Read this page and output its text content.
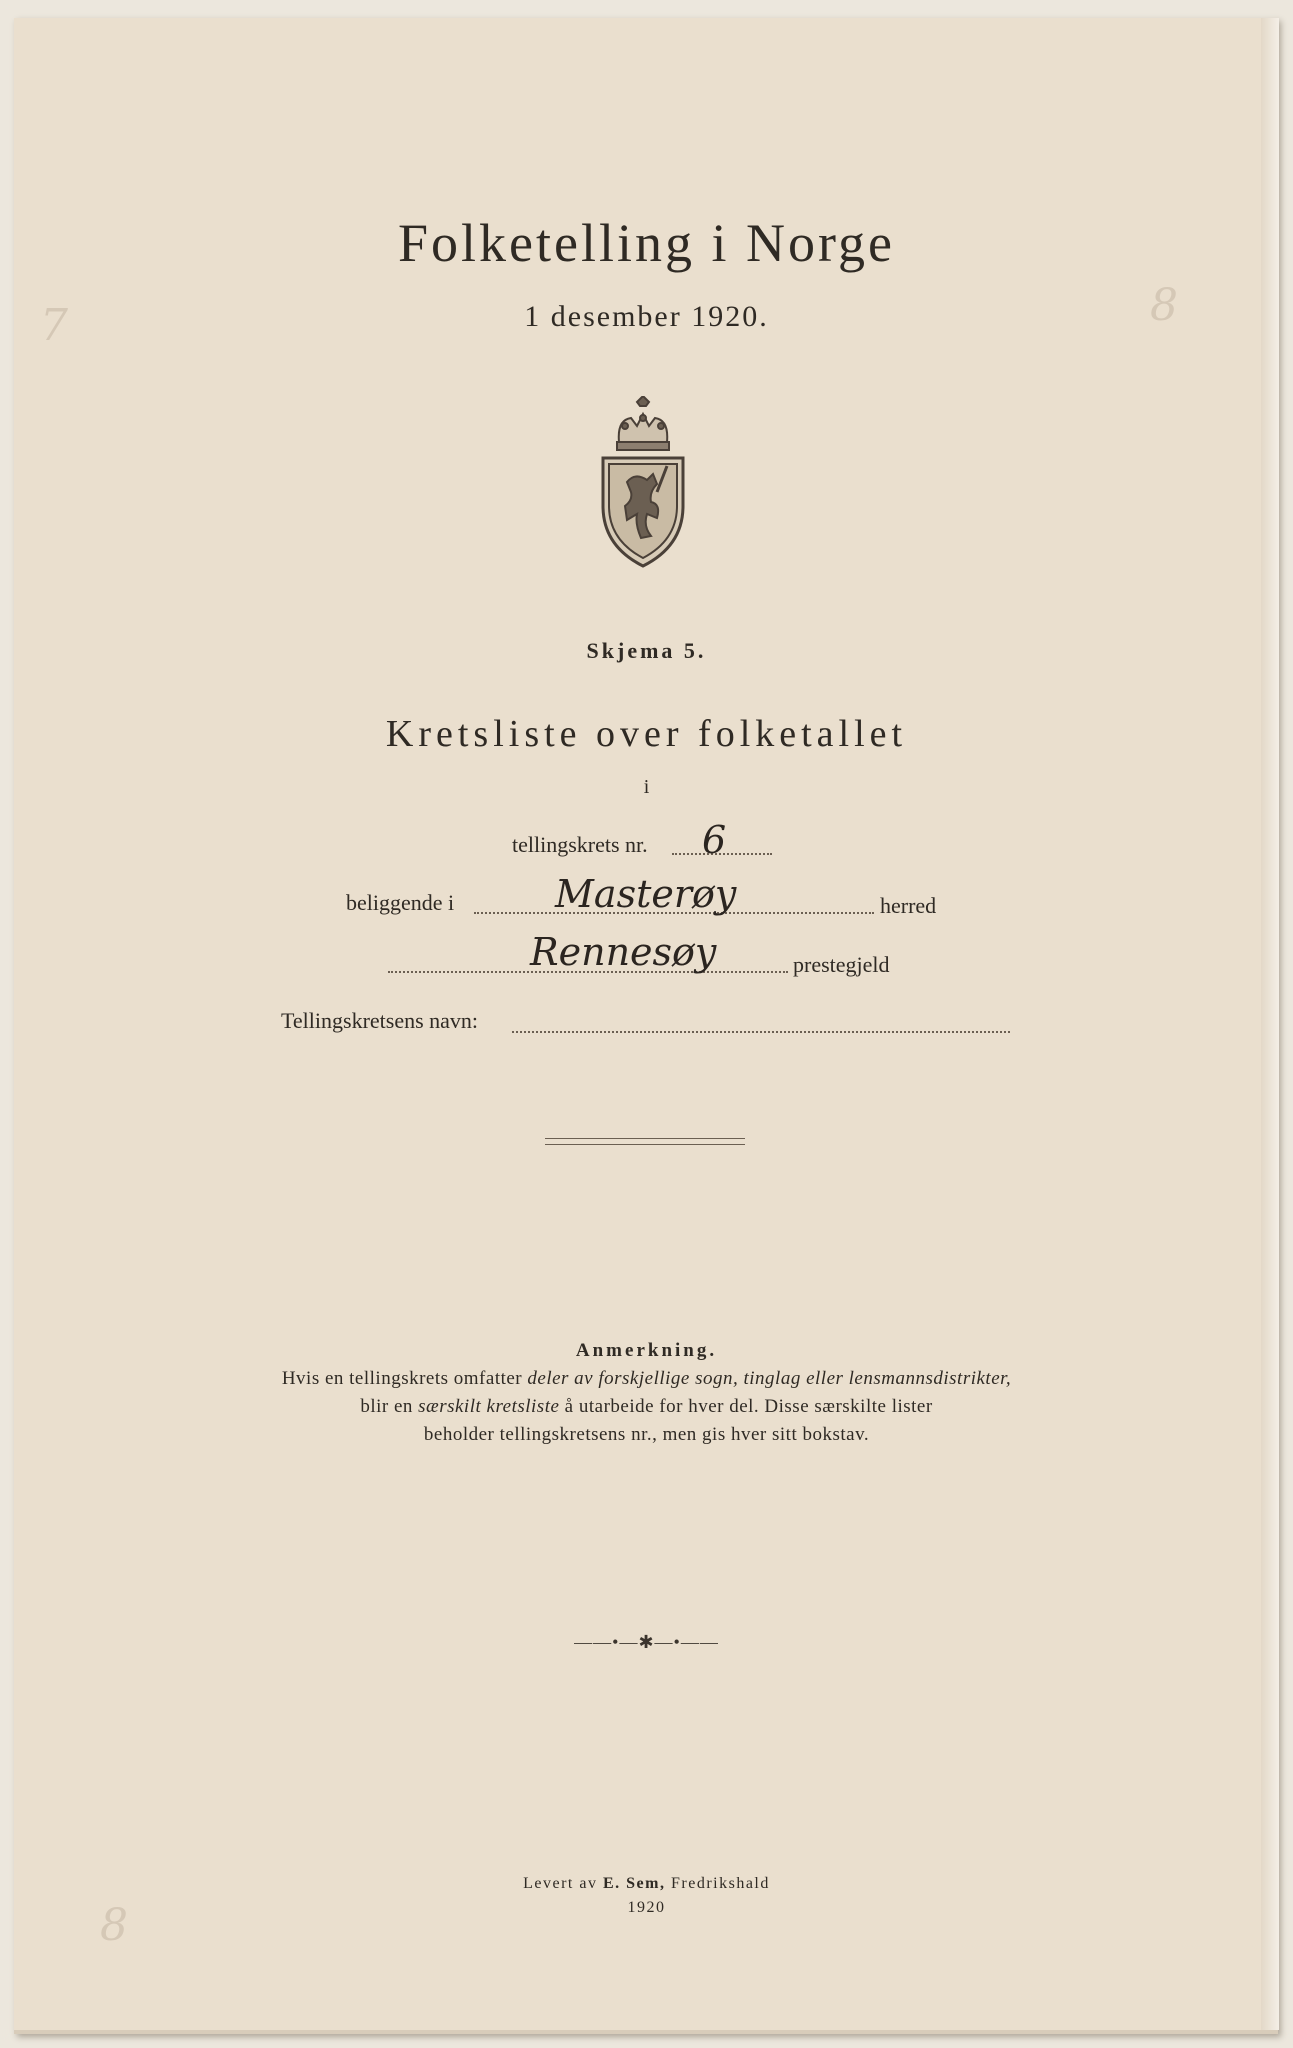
7	8
8
Folketelling i Norge
1 desember 1920.
Skjema 5.
Kretsliste over folketallet
i
tellingskrets nr. 6
beliggende i	Masterøy	herred
Rennesøy	prestegjeld
Tellingskretsens navn:
Anmerkning.
Hvis en tellingskrets omfatter deler av forskjellige sogn, tinglag eller lensmannsdistrikter,
blir en særskilt kretsliste å utarbeide for hver del. Disse særskilte lister
beholder tellingskretsens nr., men gis hver sitt bokstav.
——•—✱—•——
Levert av E. Sem, Fredrikshald
1920
